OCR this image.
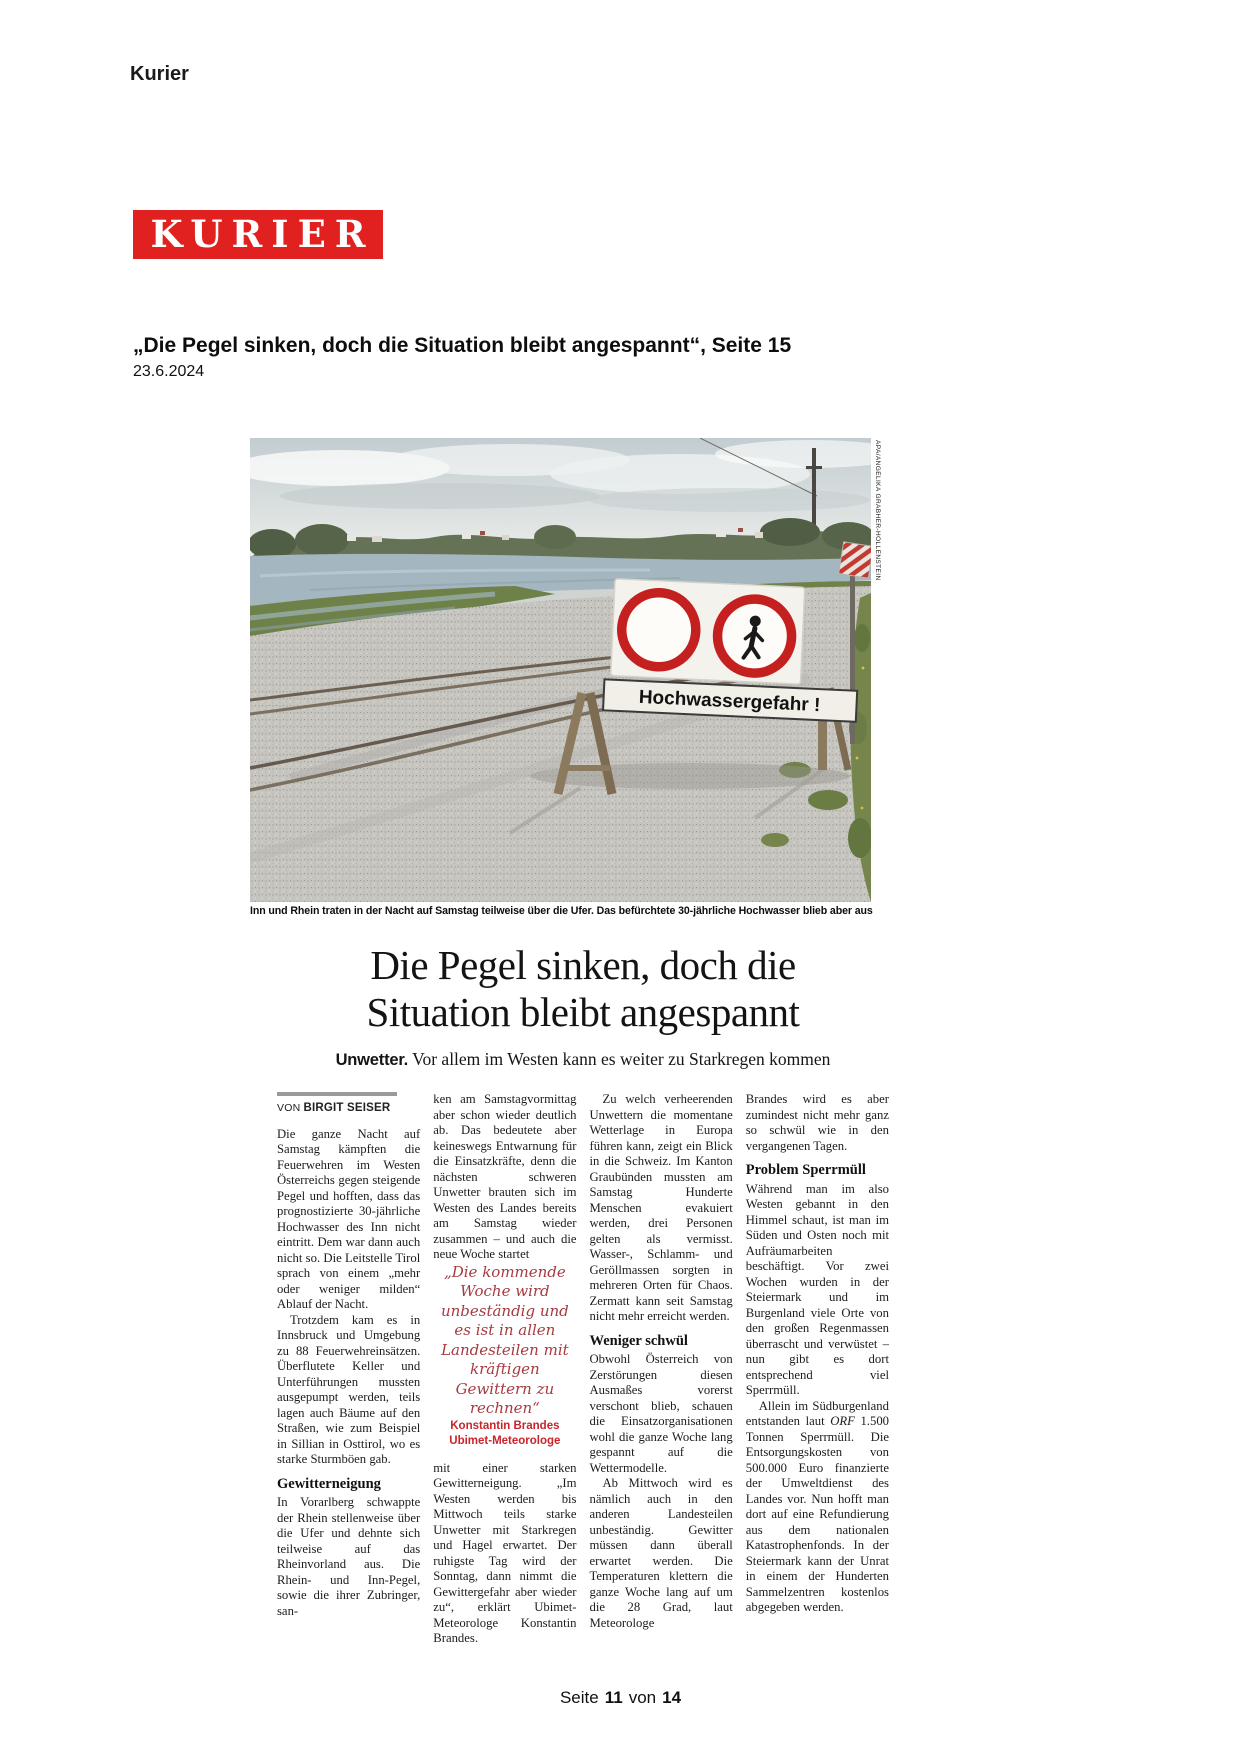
Kurier
KURIER
„Die Pegel sinken, doch die Situation bleibt angespannt“, Seite 15
23.6.2024
Hochwassergefahr !
APA/ANGELIKA GRABHER-HOLLENSTEIN
Inn und Rhein traten in der Nacht auf Samstag teilweise über die Ufer. Das befürchtete 30-jährliche Hochwasser blieb aber aus
Die Pegel sinken, doch die
Situation bleibt angespannt
Unwetter. Vor allem im Westen kann es weiter zu Starkregen kommen
VON BIRGIT SEISER

Die ganze Nacht auf Samstag kämpften die Feuerwehren im Westen Österreichs gegen steigende Pegel und hofften, dass das prognostizierte 30-jährliche Hochwasser des Inn nicht eintritt. Dem war dann auch nicht so. Die Leitstelle Tirol sprach von einem „mehr oder weniger milden“ Ablauf der Nacht.

Trotzdem kam es in Innsbruck und Umgebung zu 88 Feuerwehreinsätzen. Überflutete Keller und Unterführungen mussten ausgepumpt werden, teils lagen auch Bäume auf den Straßen, wie zum Beispiel in Sillian in Osttirol, wo es starke Sturmböen gab.

Gewitterneigung

In Vorarlberg schwappte der Rhein stellenweise über die Ufer und dehnte sich teilweise auf das Rheinvorland aus. Die Rhein- und Inn-Pegel, sowie die ihrer Zubringer, san-

ken am Samstagvormittag aber schon wieder deutlich ab. Das bedeutete aber keineswegs Entwarnung für die Einsatzkräfte, denn die nächsten schweren Unwetter brauten sich im Westen des Landes bereits am Samstag wieder zusammen – und auch die neue Woche startet

„Die kommende Woche wird unbeständig und es ist in allen Landesteilen mit kräftigen Gewittern zu rechnen“

Konstantin Brandes
Ubimet-Meteorologe

mit einer starken Gewitterneigung. „Im Westen werden bis Mittwoch teils starke Unwetter mit Starkregen und Hagel erwartet. Der ruhigste Tag wird der Sonntag, dann nimmt die Gewittergefahr aber wieder zu“, erklärt Ubimet-Meteorologe Konstantin Brandes.

Zu welch verheerenden Unwettern die momentane Wetterlage in Europa führen kann, zeigt ein Blick in die Schweiz. Im Kanton Graubünden mussten am Samstag Hunderte Menschen evakuiert werden, drei Personen gelten als vermisst. Wasser-, Schlamm- und Geröllmassen sorgten in mehreren Orten für Chaos. Zermatt kann seit Samstag nicht mehr erreicht werden.

Weniger schwül

Obwohl Österreich von Zerstörungen diesen Ausmaßes vorerst verschont blieb, schauen die Einsatzorganisationen wohl die ganze Woche lang gespannt auf die Wettermodelle.

Ab Mittwoch wird es nämlich auch in den anderen Landesteilen unbeständig. Gewitter müssen dann überall erwartet werden. Die Temperaturen klettern die ganze Woche lang auf um die 28 Grad, laut Meteorologe

Brandes wird es aber zumindest nicht mehr ganz so schwül wie in den vergangenen Tagen.

Problem Sperrmüll

Während man im also Westen gebannt in den Himmel schaut, ist man im Süden und Osten noch mit Aufräumarbeiten beschäftigt. Vor zwei Wochen wurden in der Steiermark und im Burgenland viele Orte von den großen Regenmassen überrascht und verwüstet – nun gibt es dort entsprechend viel Sperrmüll.

Allein im Südburgenland entstanden laut ORF 1.500 Tonnen Sperrmüll. Die Entsorgungskosten von 500.000 Euro finanzierte der Umweltdienst des Landes vor. Nun hofft man dort auf eine Refundierung aus dem nationalen Katastrophenfonds. In der Steiermark kann der Unrat in einem der Hunderten Sammelzentren kostenlos abgegeben werden.

Seite 11 von 14
